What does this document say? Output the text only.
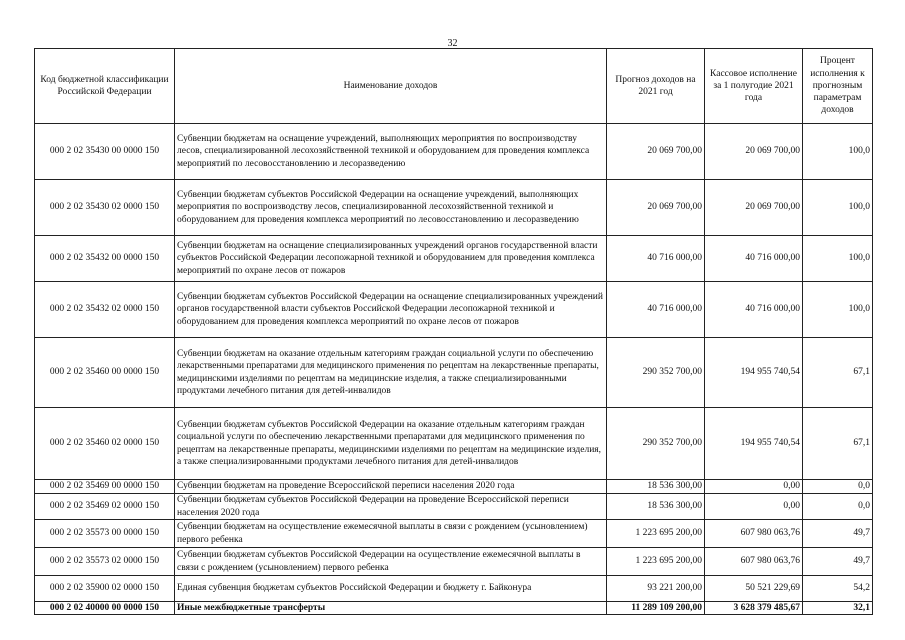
32
Код бюджетной классификации Российской Федерации	Наименование доходов	Прогноз доходов на 2021 год	Кассовое исполнение за 1 полугодие 2021 года	Процент исполнения к прогнозным параметрам доходов
000 2 02 35430 00 0000 150	Субвенции бюджетам на оснащение учреждений, выполняющих мероприятия по воспроизводству лесов, специализированной лесохозяйственной техникой и оборудованием для проведения комплекса мероприятий по лесовосстановлению и лесоразведению	20 069 700,00	20 069 700,00	100,0
000 2 02 35430 02 0000 150	Субвенции бюджетам субъектов Российской Федерации на оснащение учреждений, выполняющих мероприятия по воспроизводству лесов, специализированной лесохозяйственной техникой и оборудованием для проведения комплекса мероприятий по лесовосстановлению и лесоразведению	20 069 700,00	20 069 700,00	100,0
000 2 02 35432 00 0000 150	Субвенции бюджетам на оснащение специализированных учреждений органов государственной власти субъектов Российской Федерации лесопожарной техникой и оборудованием для проведения комплекса мероприятий по охране лесов от пожаров	40 716 000,00	40 716 000,00	100,0
000 2 02 35432 02 0000 150	Субвенции бюджетам субъектов Российской Федерации на оснащение специализированных учреждений органов государственной власти субъектов Российской Федерации лесопожарной техникой и оборудованием для проведения комплекса мероприятий по охране лесов от пожаров	40 716 000,00	40 716 000,00	100,0
000 2 02 35460 00 0000 150	Субвенции бюджетам на оказание отдельным категориям граждан социальной услуги по обеспечению лекарственными препаратами для медицинского применения по рецептам на лекарственные препараты, медицинскими изделиями по рецептам на медицинские изделия, а также специализированными продуктами лечебного питания для детей-инвалидов	290 352 700,00	194 955 740,54	67,1
000 2 02 35460 02 0000 150	Субвенции бюджетам субъектов Российской Федерации на оказание отдельным категориям граждан социальной услуги по обеспечению лекарственными препаратами для медицинского применения по рецептам на лекарственные препараты, медицинскими изделиями по рецептам на медицинские изделия, а также специализированными продуктами лечебного питания для детей-инвалидов	290 352 700,00	194 955 740,54	67,1
000 2 02 35469 00 0000 150	Субвенции бюджетам на проведение Всероссийской переписи населения 2020 года	18 536 300,00	0,00	0,0
000 2 02 35469 02 0000 150	Субвенции бюджетам субъектов Российской Федерации на проведение Всероссийской переписи населения 2020 года	18 536 300,00	0,00	0,0
000 2 02 35573 00 0000 150	Субвенции бюджетам на осуществление ежемесячной выплаты в связи с рождением (усыновлением) первого ребенка	1 223 695 200,00	607 980 063,76	49,7
000 2 02 35573 02 0000 150	Субвенции бюджетам субъектов Российской Федерации на осуществление ежемесячной выплаты в связи с рождением (усыновлением) первого ребенка	1 223 695 200,00	607 980 063,76	49,7
000 2 02 35900 02 0000 150	Единая субвенция бюджетам субъектов Российской Федерации и бюджету г. Байконура	93 221 200,00	50 521 229,69	54,2
000 2 02 40000 00 0000 150	Иные межбюджетные трансферты	11 289 109 200,00	3 628 379 485,67	32,1
